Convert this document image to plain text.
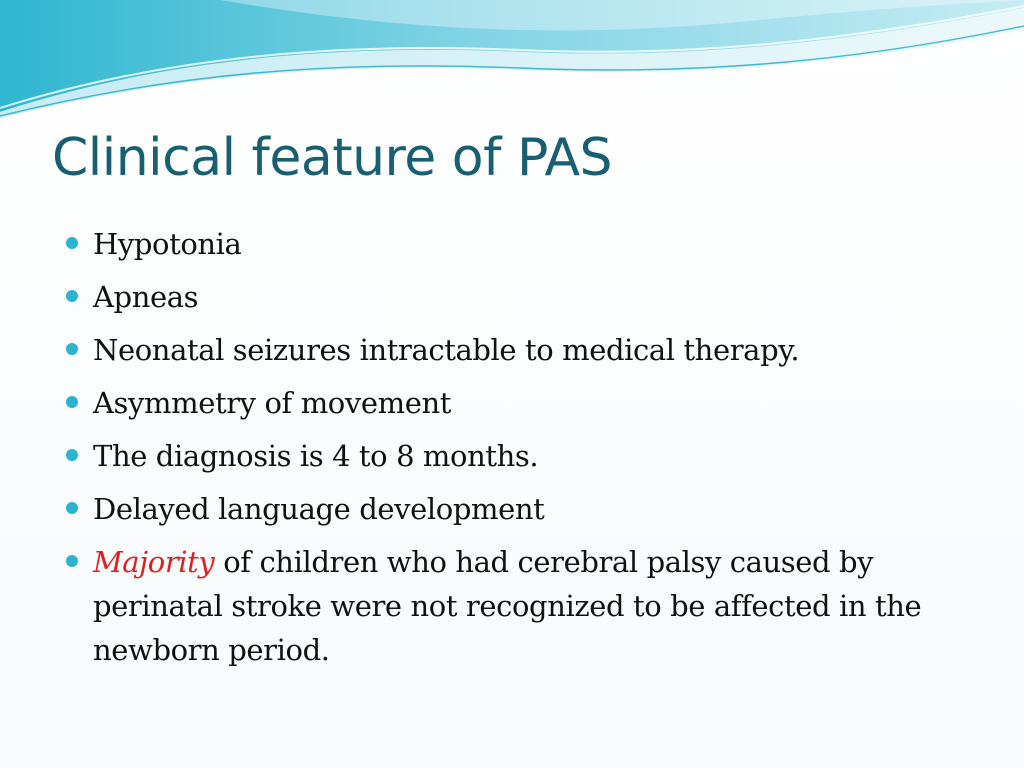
Clinical feature of PAS
Hypotonia
Apneas
Neonatal seizures intractable to medical therapy.
Asymmetry of movement
The diagnosis is 4 to 8 months.
Delayed language development
Majority of children who had cerebral palsy caused by perinatal stroke were not recognized to be affected in the newborn period.
